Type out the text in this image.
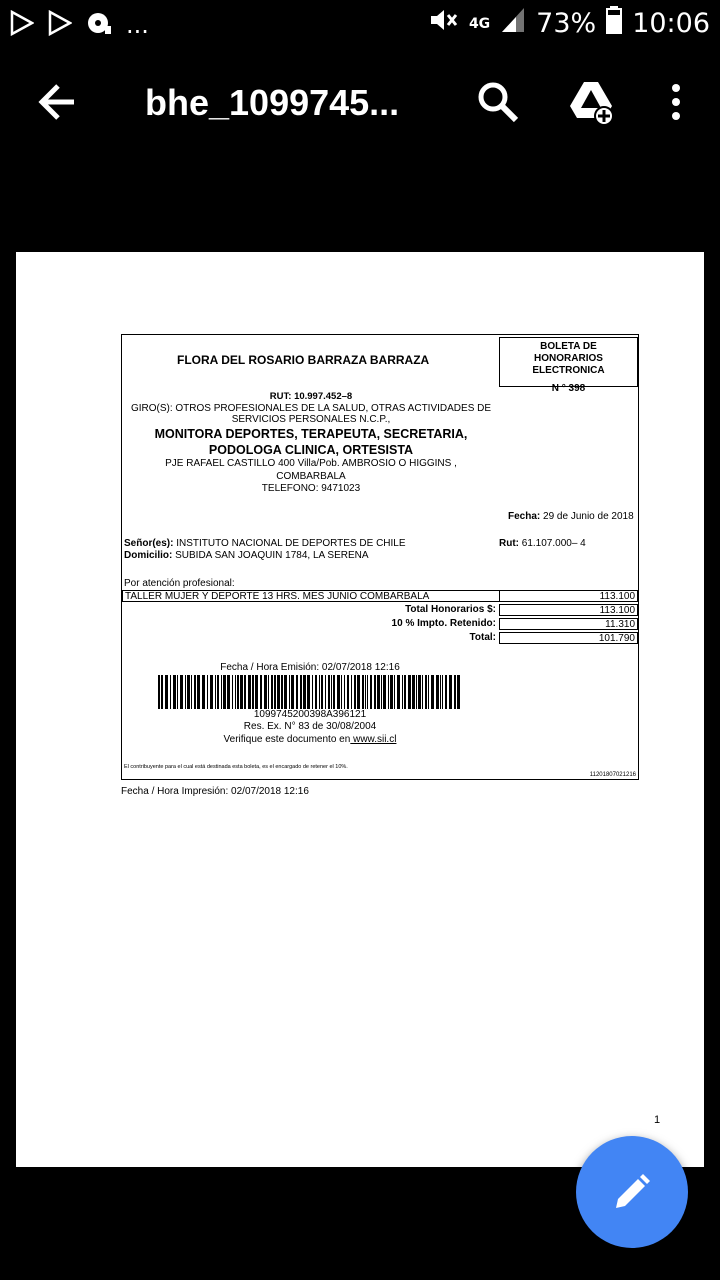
...	4G 73% 10:06
bhe_1099745...
FLORA DEL ROSARIO BARRAZA BARRAZA
BOLETA DE HONORARIOS ELECTRONICA
N ° 398
RUT: 10.997.452–8
GIRO(S): OTROS PROFESIONALES DE LA SALUD, OTRAS ACTIVIDADES DE
SERVICIOS PERSONALES N.C.P.,
MONITORA DEPORTES, TERAPEUTA, SECRETARIA,
PODOLOGA CLINICA, ORTESISTA
PJE RAFAEL CASTILLO 400 Villa/Pob. AMBROSIO O HIGGINS ,
COMBARBALA
TELEFONO: 9471023
Fecha: 29 de Junio de 2018
Señor(es): INSTITUTO NACIONAL DE DEPORTES DE CHILE	Rut: 61.107.000– 4
Domicilio: SUBIDA SAN JOAQUIN 1784, LA SERENA
Por atención profesional:
TALLER MUJER Y DEPORTE 13 HRS. MES JUNIO COMBARBALA	113.100
Total Honorarios $:	113.100
10 % Impto. Retenido:	11.310
Total:	101.790
Fecha / Hora Emisión: 02/07/2018 12:16
1099745200398A396121
Res. Ex. N° 83 de 30/08/2004
Verifique este documento en www.sii.cl
El contribuyente para el cual está destinada esta boleta, es el encargado de retener el 10%.
11201807021216
Fecha / Hora Impresión: 02/07/2018 12:16
1
